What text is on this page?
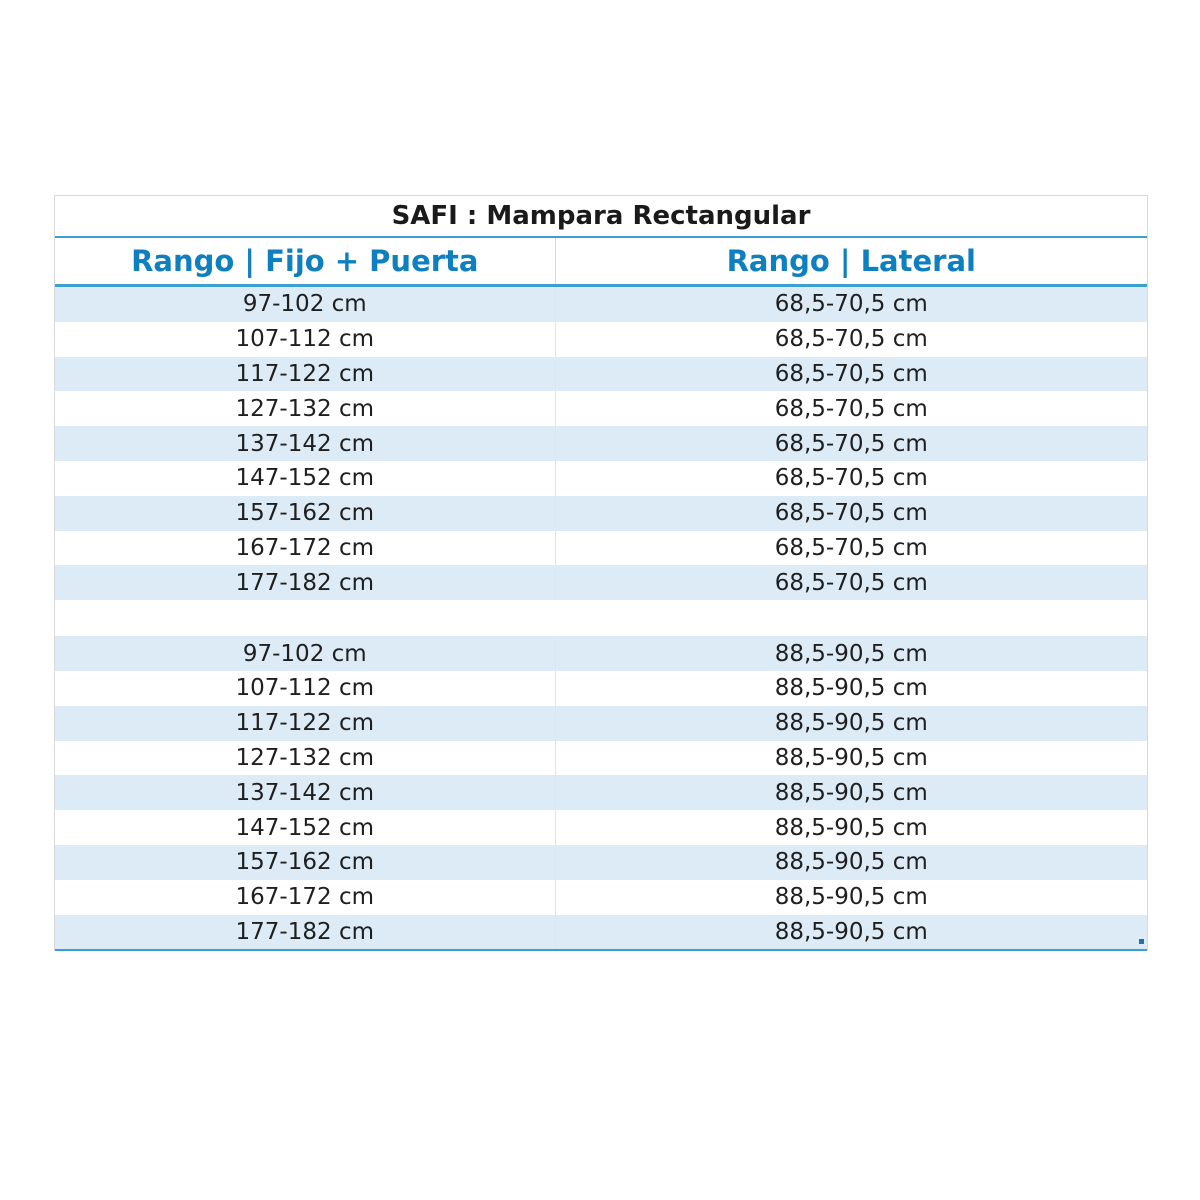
SAFI : Mampara Rectangular
Rango | Fijo + Puerta	Rango | Lateral
97-102 cm	68,5-70,5 cm
107-112 cm	68,5-70,5 cm
117-122 cm	68,5-70,5 cm
127-132 cm	68,5-70,5 cm
137-142 cm	68,5-70,5 cm
147-152 cm	68,5-70,5 cm
157-162 cm	68,5-70,5 cm
167-172 cm	68,5-70,5 cm
177-182 cm	68,5-70,5 cm
97-102 cm	88,5-90,5 cm
107-112 cm	88,5-90,5 cm
117-122 cm	88,5-90,5 cm
127-132 cm	88,5-90,5 cm
137-142 cm	88,5-90,5 cm
147-152 cm	88,5-90,5 cm
157-162 cm	88,5-90,5 cm
167-172 cm	88,5-90,5 cm
177-182 cm	88,5-90,5 cm
